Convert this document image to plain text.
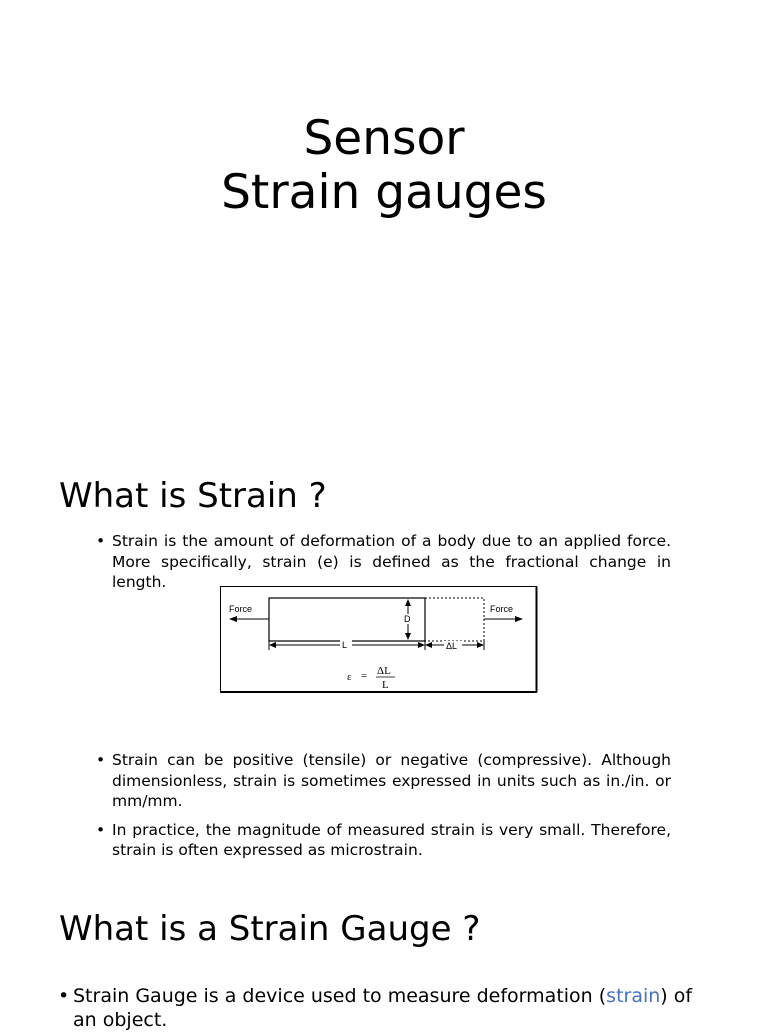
Sensor
Strain gauges
What is Strain ?
• Strain is the amount of deformation of a body due to an applied force. More specifically, strain (e) is defined as the fractional change in length.
Force	Force
D
L	ΔL
ε = ΔL
L
• Strain can be positive (tensile) or negative (compressive). Although dimensionless, strain is sometimes expressed in units such as in./in. or mm/mm.
• In practice, the magnitude of measured strain is very small. Therefore, strain is often expressed as microstrain.
What is a Strain Gauge ?
• Strain Gauge is a device used to measure deformation (strain) of an object.
